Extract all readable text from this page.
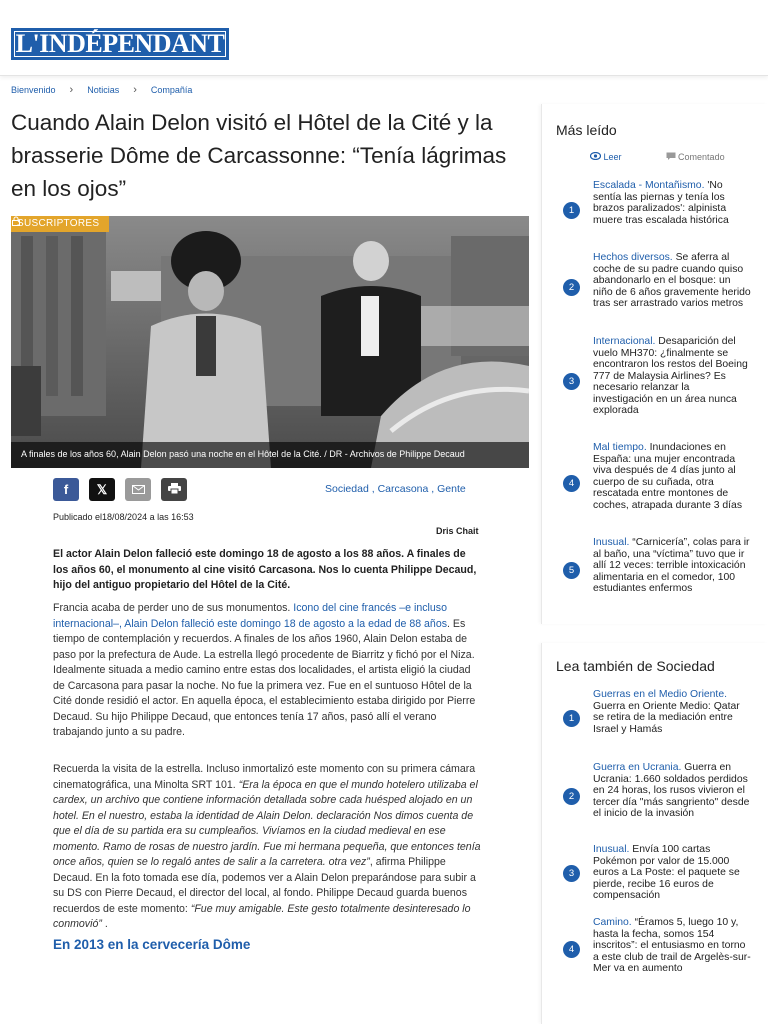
L'INDÉPENDANT
Bienvenido › Noticias › Compañía
Cuando Alain Delon visitó el Hôtel de la Cité y la brasserie Dôme de Carcassonne: “Tenía lágrimas en los ojos”
SUSCRIPTORES
A finales de los años 60, Alain Delon pasó una noche en el Hôtel de la Cité. / DR - Archivos de Philippe Decaud
f 𝕏	Sociedad , Carcasona , Gente
Publicado el18/08/2024 a las 16:53
Dris Chait

El actor Alain Delon falleció este domingo 18 de agosto a los 88 años. A finales de los años 60, el monumento al cine visitó Carcasona. Nos lo cuenta Philippe Decaud, hijo del antiguo propietario del Hôtel de la Cité.

Francia acaba de perder uno de sus monumentos. Icono del cine francés –e incluso internacional–, Alain Delon falleció este domingo 18 de agosto a la edad de 88 años. Es tiempo de contemplación y recuerdos. A finales de los años 1960, Alain Delon estaba de paso por la prefectura de Aude. La estrella llegó procedente de Biarritz y fichó por el Niza. Idealmente situada a medio camino entre estas dos localidades, el artista eligió la ciudad de Carcasona para pasar la noche. No fue la primera vez. Fue en el suntuoso Hôtel de la Cité donde residió el actor. En aquella época, el establecimiento estaba dirigido por Pierre Decaud. Su hijo Philippe Decaud, que entonces tenía 17 años, pasó allí el verano trabajando junto a su padre.

Recuerda la visita de la estrella. Incluso inmortalizó este momento con su primera cámara cinematográfica, una Minolta SRT 101. “Era la época en que el mundo hotelero utilizaba el cardex, un archivo que contiene información detallada sobre cada huésped alojado en un hotel. En el nuestro, estaba la identidad de Alain Delon. declaración Nos dimos cuenta de que el día de su partida era su cumpleaños. Vivíamos en la ciudad medieval en ese momento. Ramo de rosas de nuestro jardín. Fue mi hermana pequeña, que entonces tenía once años, quien se lo regaló antes de salir a la carretera. otra vez”, afirma Philippe Decaud. En la foto tomada ese día, podemos ver a Alain Delon preparándose para subir a su DS con Pierre Decaud, el director del local, al fondo. Philippe Decaud guarda buenos recuerdos de este momento: “Fue muy amigable. Este gesto totalmente desinteresado lo conmovió” .

En 2013 en la cervecería Dôme
Más leído
Leer	Comentado
1
Escalada - Montañismo. 'No sentía las piernas y tenía los brazos paralizados': alpinista muere tras escalada histórica
2
Hechos diversos. Se aferra al coche de su padre cuando quiso abandonarlo en el bosque: un niño de 6 años gravemente herido tras ser arrastrado varios metros
3
Internacional. Desaparición del vuelo MH370: ¿finalmente se encontraron los restos del Boeing 777 de Malaysia Airlines? Es necesario relanzar la investigación en un área nunca explorada
4
Mal tiempo. Inundaciones en España: una mujer encontrada viva después de 4 días junto al cuerpo de su cuñada, otra rescatada entre montones de coches, atrapada durante 3 días
5
Inusual. “Carnicería”, colas para ir al baño, una “víctima” tuvo que ir allí 12 veces: terrible intoxicación alimentaria en el comedor, 100 estudiantes enfermos
Lea también de Sociedad
1
Guerras en el Medio Oriente. Guerra en Oriente Medio: Qatar se retira de la mediación entre Israel y Hamás
2
Guerra en Ucrania. Guerra en Ucrania: 1.660 soldados perdidos en 24 horas, los rusos vivieron el tercer día "más sangriento" desde el inicio de la invasión
3
Inusual. Envía 100 cartas Pokémon por valor de 15.000 euros a La Poste: el paquete se pierde, recibe 16 euros de compensación
4
Camino. “Éramos 5, luego 10 y, hasta la fecha, somos 154 inscritos”: el entusiasmo en torno a este club de trail de Argelès-sur-Mer va en aumento
